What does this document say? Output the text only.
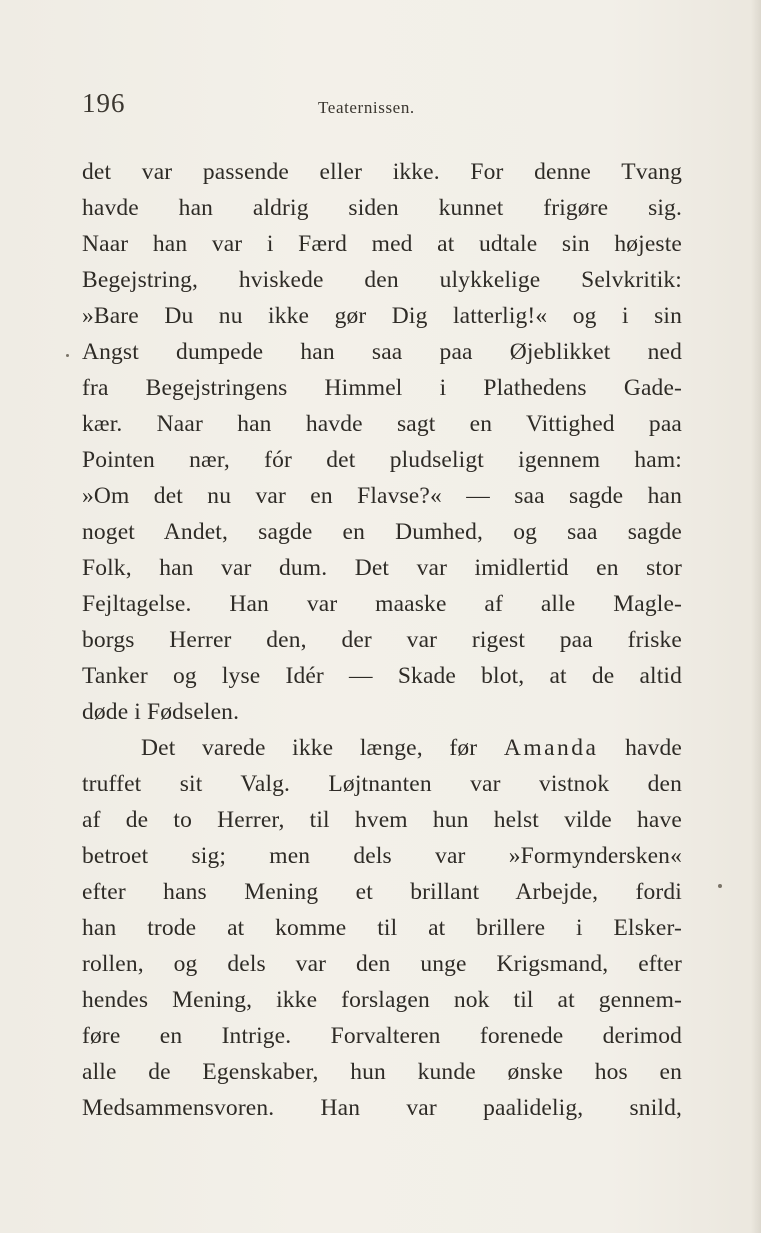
196	Teaternissen.
det var passende eller ikke. For denne Tvang
havde han aldrig siden kunnet frigøre sig.
Naar han var i Færd med at udtale sin højeste
Begejstring, hviskede den ulykkelige Selvkritik:
»Bare Du nu ikke gør Dig latterlig!« og i sin
Angst dumpede han saa paa Øjeblikket ned
fra Begejstringens Himmel i Plathedens Gade-
kær. Naar han havde sagt en Vittighed paa
Pointen nær, fór det pludseligt igennem ham:
»Om det nu var en Flavse?« — saa sagde han
noget Andet, sagde en Dumhed, og saa sagde
Folk, han var dum. Det var imidlertid en stor
Fejltagelse. Han var maaske af alle Magle-
borgs Herrer den, der var rigest paa friske
Tanker og lyse Idér — Skade blot, at de altid
døde i Fødselen.
Det varede ikke længe, før Amanda havde
truffet sit Valg. Løjtnanten var vistnok den
af de to Herrer, til hvem hun helst vilde have
betroet sig; men dels var »Formyndersken«
efter hans Mening et brillant Arbejde, fordi
han trode at komme til at brillere i Elsker-
rollen, og dels var den unge Krigsmand, efter
hendes Mening, ikke forslagen nok til at gennem-
føre en Intrige. Forvalteren forenede derimod
alle de Egenskaber, hun kunde ønske hos en
Medsammensvoren. Han var paalidelig, snild,
